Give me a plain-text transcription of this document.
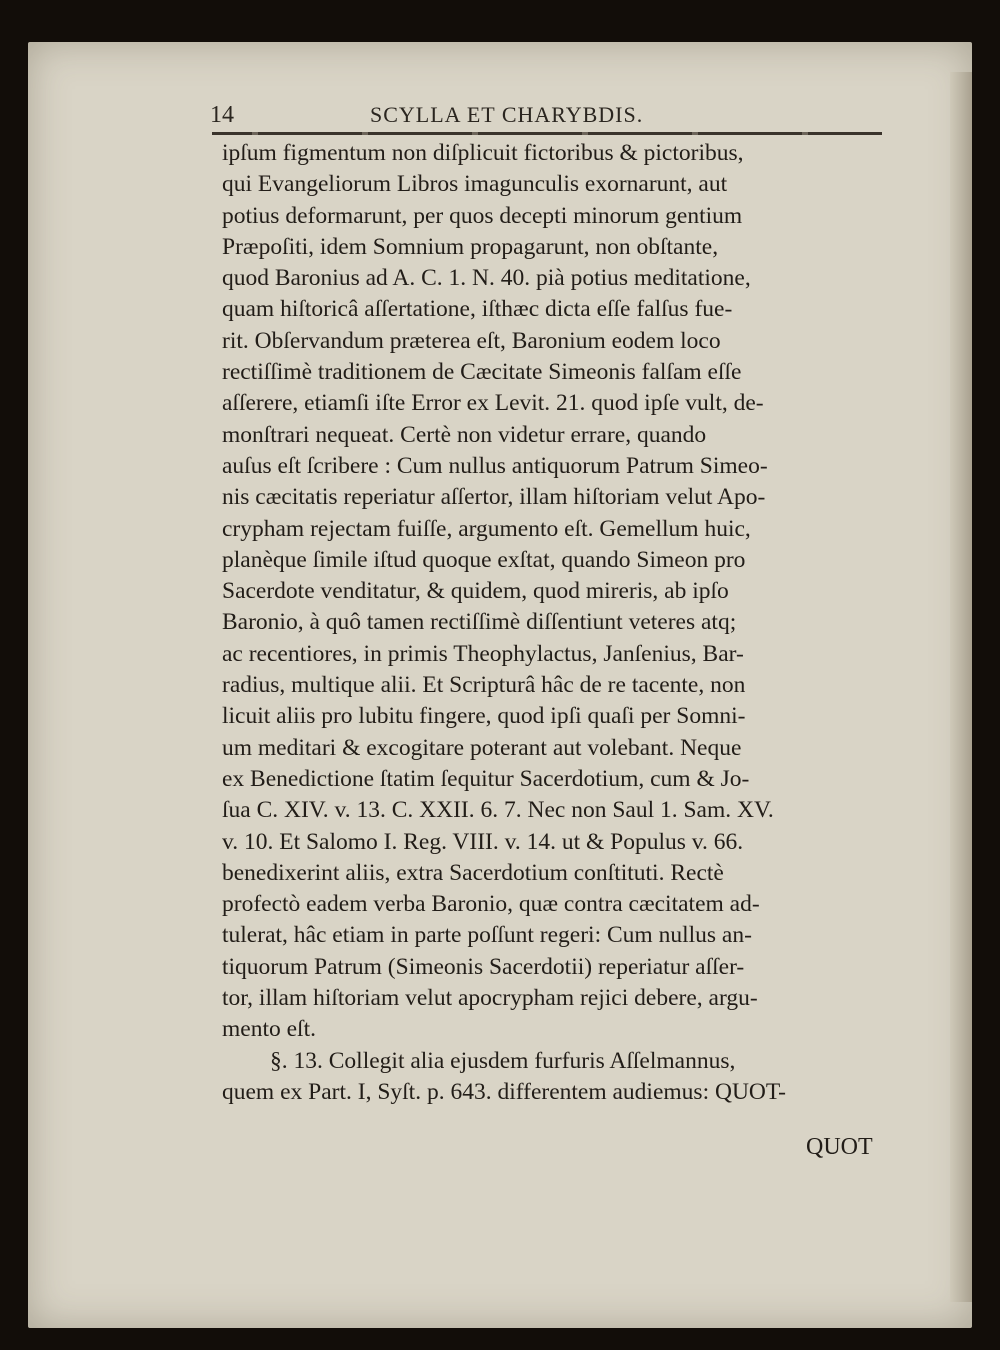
14	SCYLLA ET CHARYBDIS.
ipſum figmentum non diſplicuit fictoribus & pictoribus,
qui Evangeliorum Libros imagunculis exornarunt, aut
potius deformarunt, per quos decepti minorum gentium
Præpoſiti, idem Somnium propagarunt, non obſtante,
quod Baronius ad A. C. 1. N. 40. pià potius meditatione,
quam hiſtoricâ aſſertatione, iſthæc dicta eſſe falſus fue-
rit. Obſervandum præterea eſt, Baronium eodem loco
rectiſſimè traditionem de Cæcitate Simeonis falſam eſſe
aſſerere, etiamſi iſte Error ex Levit. 21. quod ipſe vult, de-
monſtrari nequeat. Certè non videtur errare, quando
auſus eſt ſcribere : Cum nullus antiquorum Patrum Simeo-
nis cæcitatis reperiatur aſſertor, illam hiſtoriam velut Apo-
crypham rejectam fuiſſe, argumento eſt. Gemellum huic,
planèque ſimile iſtud quoque exſtat, quando Simeon pro
Sacerdote venditatur, & quidem, quod mireris, ab ipſo
Baronio, à quô tamen rectiſſimè diſſentiunt veteres atq;
ac recentiores, in primis Theophylactus, Janſenius, Bar-
radius, multique alii. Et Scripturâ hâc de re tacente, non
licuit aliis pro lubitu fingere, quod ipſi quaſi per Somni-
um meditari & excogitare poterant aut volebant. Neque
ex Benedictione ſtatim ſequitur Sacerdotium, cum & Jo-
ſua C. XIV. v. 13. C. XXII. 6. 7. Nec non Saul 1. Sam. XV.
v. 10. Et Salomo I. Reg. VIII. v. 14. ut & Populus v. 66.
benedixerint aliis, extra Sacerdotium conſtituti. Rectè
profectò eadem verba Baronio, quæ contra cæcitatem ad-
tulerat, hâc etiam in parte poſſunt regeri: Cum nullus an-
tiquorum Patrum (Simeonis Sacerdotii) reperiatur aſſer-
tor, illam hiſtoriam velut apocrypham rejici debere, argu-
mento eſt.
§. 13. Collegit alia ejusdem furfuris Aſſelmannus,
quem ex Part. I, Syſt. p. 643. differentem audiemus: QUOT-
QUOT
